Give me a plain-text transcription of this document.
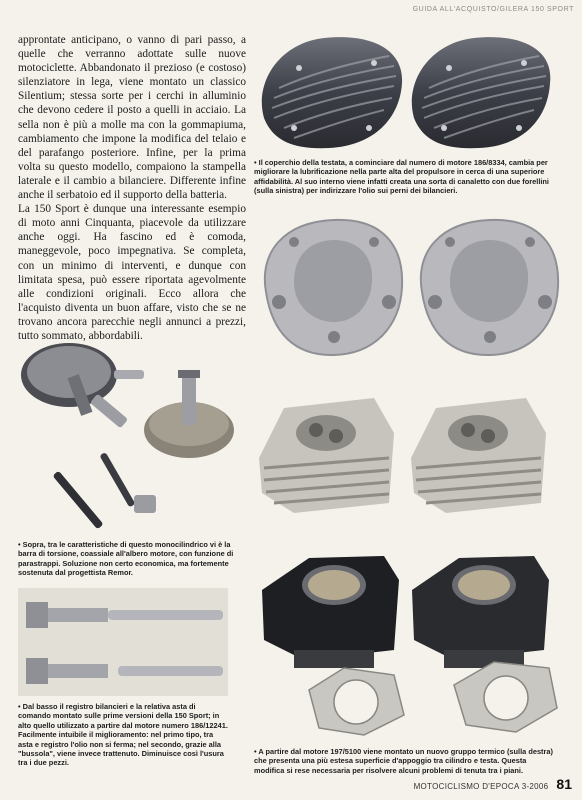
GUIDA ALL'ACQUISTO/GILERA 150 SPORT

approntate anticipano, o vanno di pari passo, a quelle che verranno adottate sulle nuove motociclette. Abbandonato il prezioso (e costoso) silenziatore in lega, viene montato un classico Silentium; stessa sorte per i cerchi in alluminio che devono cedere il posto a quelli in acciaio. La sella non è più a molle ma con la gommapiuma, cambiamento che impone la modifica del telaio e del parafango posteriore. Infine, per la prima volta su questo modello, compaiono la stampella laterale e il cambio a bilanciere. Differente infine anche il serbatoio ed il supporto della batteria.

La 150 Sport è dunque una interessante esempio di moto anni Cinquanta, piacevole da utilizzare anche oggi. Ha fascino ed è comoda, maneggevole, poco impegnativa. Se completa, con un minimo di interventi, e dunque con limitata spesa, può essere riportata agevolmente alle condizioni originali. Ecco allora che l'acquisto diventa un buon affare, visto che se ne trovano ancora parecchie negli annunci a prezzi, tutto sommato, abbordabili.

• Il coperchio della testata, a cominciare dal numero di motore 186/8334, cambia per migliorare la lubrificazione nella parte alta del propulsore in cerca di una superiore affidabilità. Al suo interno viene infatti creata una sorta di canaletto con due forellini (sulla sinistra) per indirizzare l'olio sui perni dei bilancieri.
• Sopra, tra le caratteristiche di questo monocilindrico vi è la barra di torsione, coassiale all'albero motore, con funzione di parastrappi. Soluzione non certo economica, ma fortemente sostenuta dal progettista Remor.
• Dal basso il registro bilancieri e la relativa asta di comando montato sulle prime versioni della 150 Sport; in alto quello utilizzato a partire dal motore numero 186/12241. Facilmente intuibile il miglioramento: nel primo tipo, tra asta e registro l'olio non si ferma; nel secondo, grazie alla "bussola", viene invece trattenuto. Diminuisce così l'usura tra i due pezzi.
• A partire dal motore 197/5100 viene montato un nuovo gruppo termico (sulla destra) che presenta una più estesa superficie d'appoggio tra cilindro e testa. Questa modifica si rese necessaria per risolvere alcuni problemi di tenuta tra i piani.
MOTOCICLISMO D'EPOCA 3-2006 81
